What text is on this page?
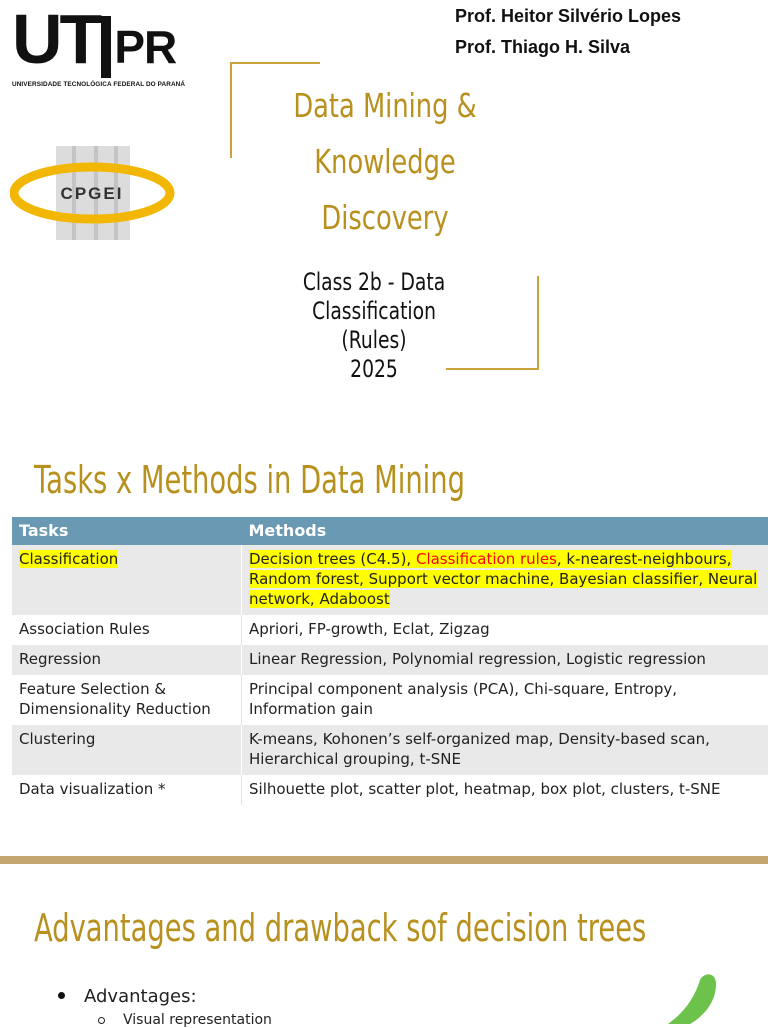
UT PR
UNIVERSIDADE TECNOLÓGICA FEDERAL DO PARANÁ
Prof. Heitor Silvério Lopes
Prof. Thiago H. Silva
Data Mining &
Knowledge
Discovery
Class 2b - Data Classification
(Rules)
2025
CPGEI
Tasks x Methods in Data Mining
Tasks	Methods
Classification	Decision trees (C4.5), Classification rules, k-nearest-neighbours, Random forest, Support vector machine, Bayesian classifier, Neural network, Adaboost
Association Rules	Apriori, FP-growth, Eclat, Zigzag
Regression	Linear Regression, Polynomial regression, Logistic regression
Feature Selection & Dimensionality Reduction	Principal component analysis (PCA), Chi-square, Entropy, Information gain
Clustering	K-means, Kohonen’s self-organized map, Density-based scan, Hierarchical grouping, t-SNE
Data visualization *	Silhouette plot, scatter plot, heatmap, box plot, clusters, t-SNE
Advantages and drawback sof decision trees
Advantages:
Visual representation
